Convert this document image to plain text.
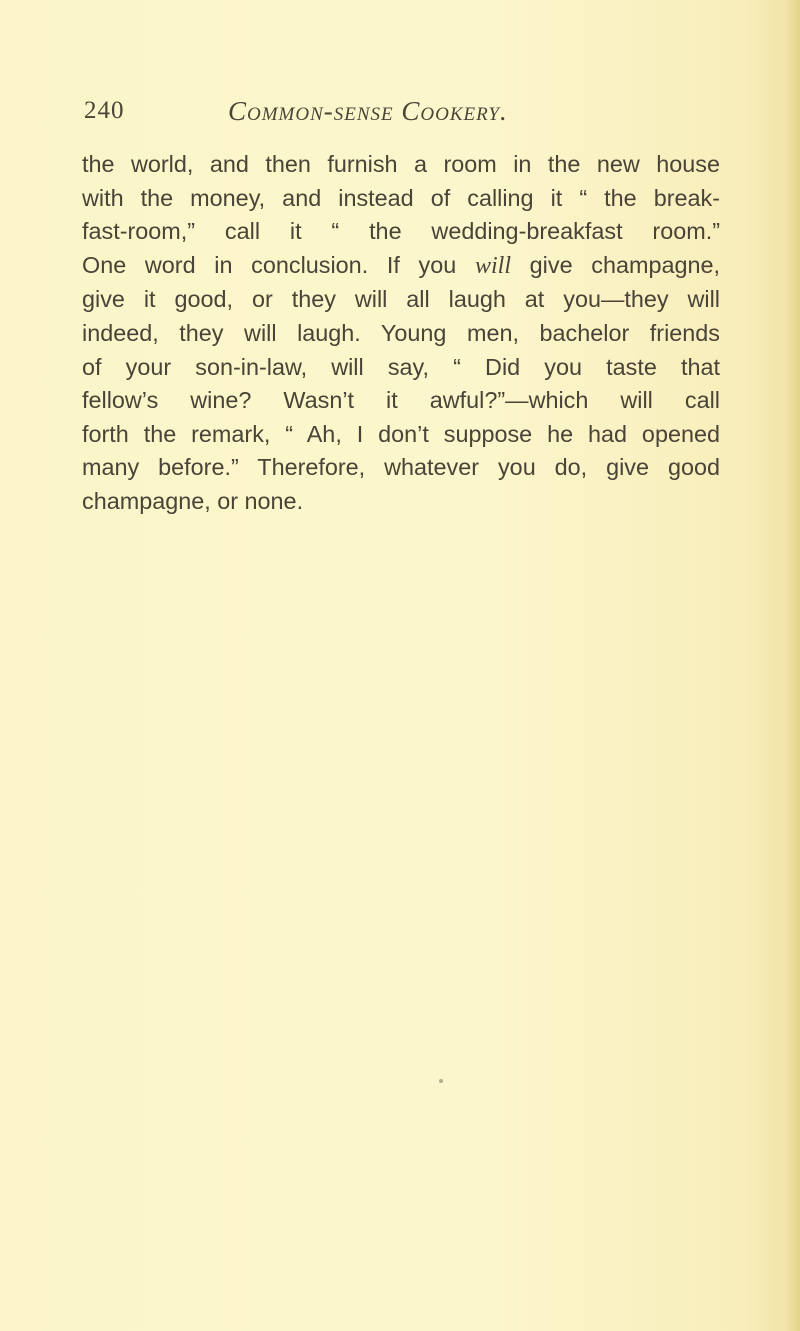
240	Common-sense Cookery.

the world, and then furnish a room in the new house
with the money, and instead of calling it “ the break-
fast-room,” call it “ the wedding-breakfast room.”
One word in conclusion. If you will give champagne,
give it good, or they will all laugh at you—they will
indeed, they will laugh. Young men, bachelor friends
of your son-in-law, will say, “ Did you taste that
fellow’s wine? Wasn’t it awful?”—which will call
forth the remark, “ Ah, I don’t suppose he had opened
many before.” Therefore, whatever you do, give good
champagne, or none.
